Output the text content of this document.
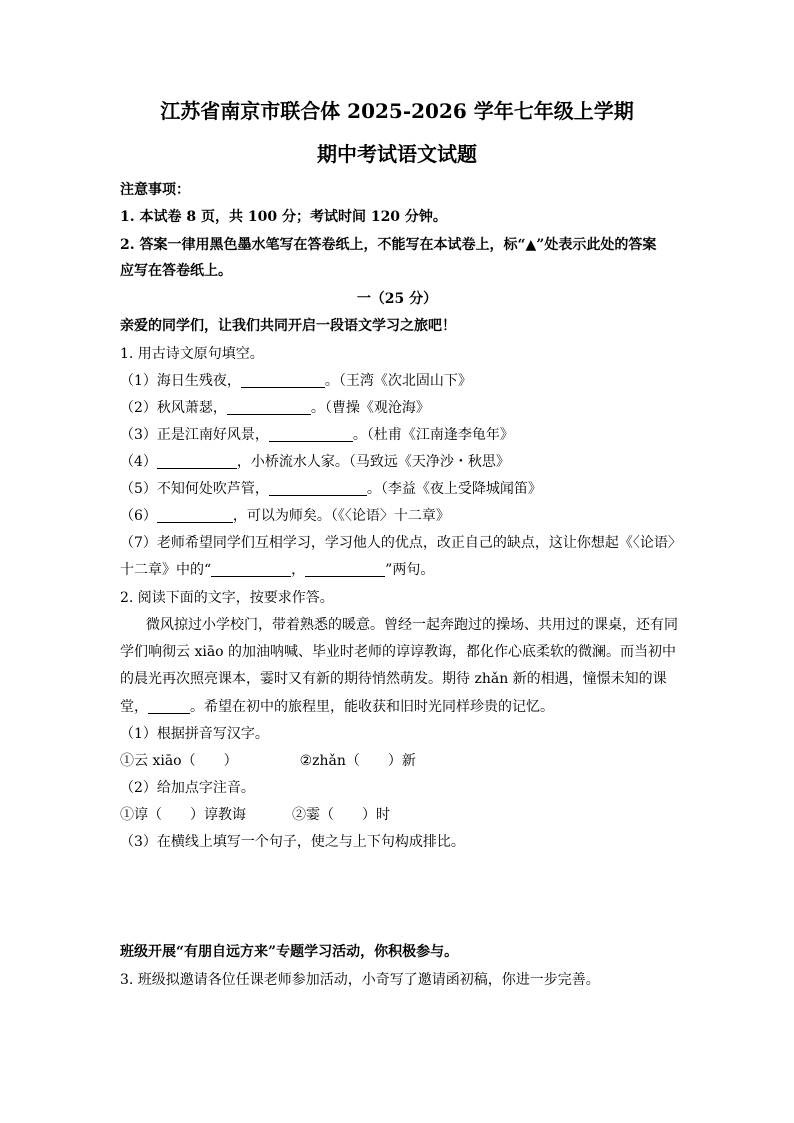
江苏省南京市联合体 2025-2026 学年七年级上学期
期中考试语文试题
注意事项：
1. 本试卷 8 页，共 100 分；考试时间 120 分钟。
2. 答案一律用黑色墨水笔写在答卷纸上，不能写在本试卷上，标“▲”处表示此处的答案
应写在答卷纸上。
一（25 分）
亲爱的同学们，让我们共同开启一段语文学习之旅吧！
1. 用古诗文原句填空。
（1）海日生残夜，	。（王湾《次北固山下》
（2）秋风萧瑟，	。（曹操《观沧海》
（3）正是江南好风景，	。（杜甫《江南逢李龟年》
（4）	，小桥流水人家。（马致远《天净沙・秋思》
（5）不知何处吹芦管，	。（李益《夜上受降城闻笛》
（6）	，可以为师矣。（《〈论语〉十二章》
（7）老师希望同学们互相学习，学习他人的优点，改正自己的缺点，这让你想起《〈论语〉
十二章》中的“	，	”两句。
2. 阅读下面的文字，按要求作答。
微风掠过小学校门，带着熟悉的暖意。曾经一起奔跑过的操场、共用过的课桌，还有同
学们响彻云 xiāo 的加油呐喊、毕业时老师的谆谆教诲，都化作心底柔软的微澜。而当初中
的晨光再次照亮课本，霎时又有新的期待悄然萌发。期待 zhǎn 新的相遇，憧憬未知的课
堂，	。希望在初中的旅程里，能收获和旧时光同样珍贵的记忆。
（1）根据拼音写汉字。
①云 xiāo（　　）	②zhǎn（　　）新
（2）给加点字注音。
①谆（　　）谆教诲	②霎（　　）时
（3）在横线上填写一个句子，使之与上下句构成排比。
班级开展“有朋自远方来”专题学习活动，你积极参与。
3. 班级拟邀请各位任课老师参加活动，小奇写了邀请函初稿，你进一步完善。
